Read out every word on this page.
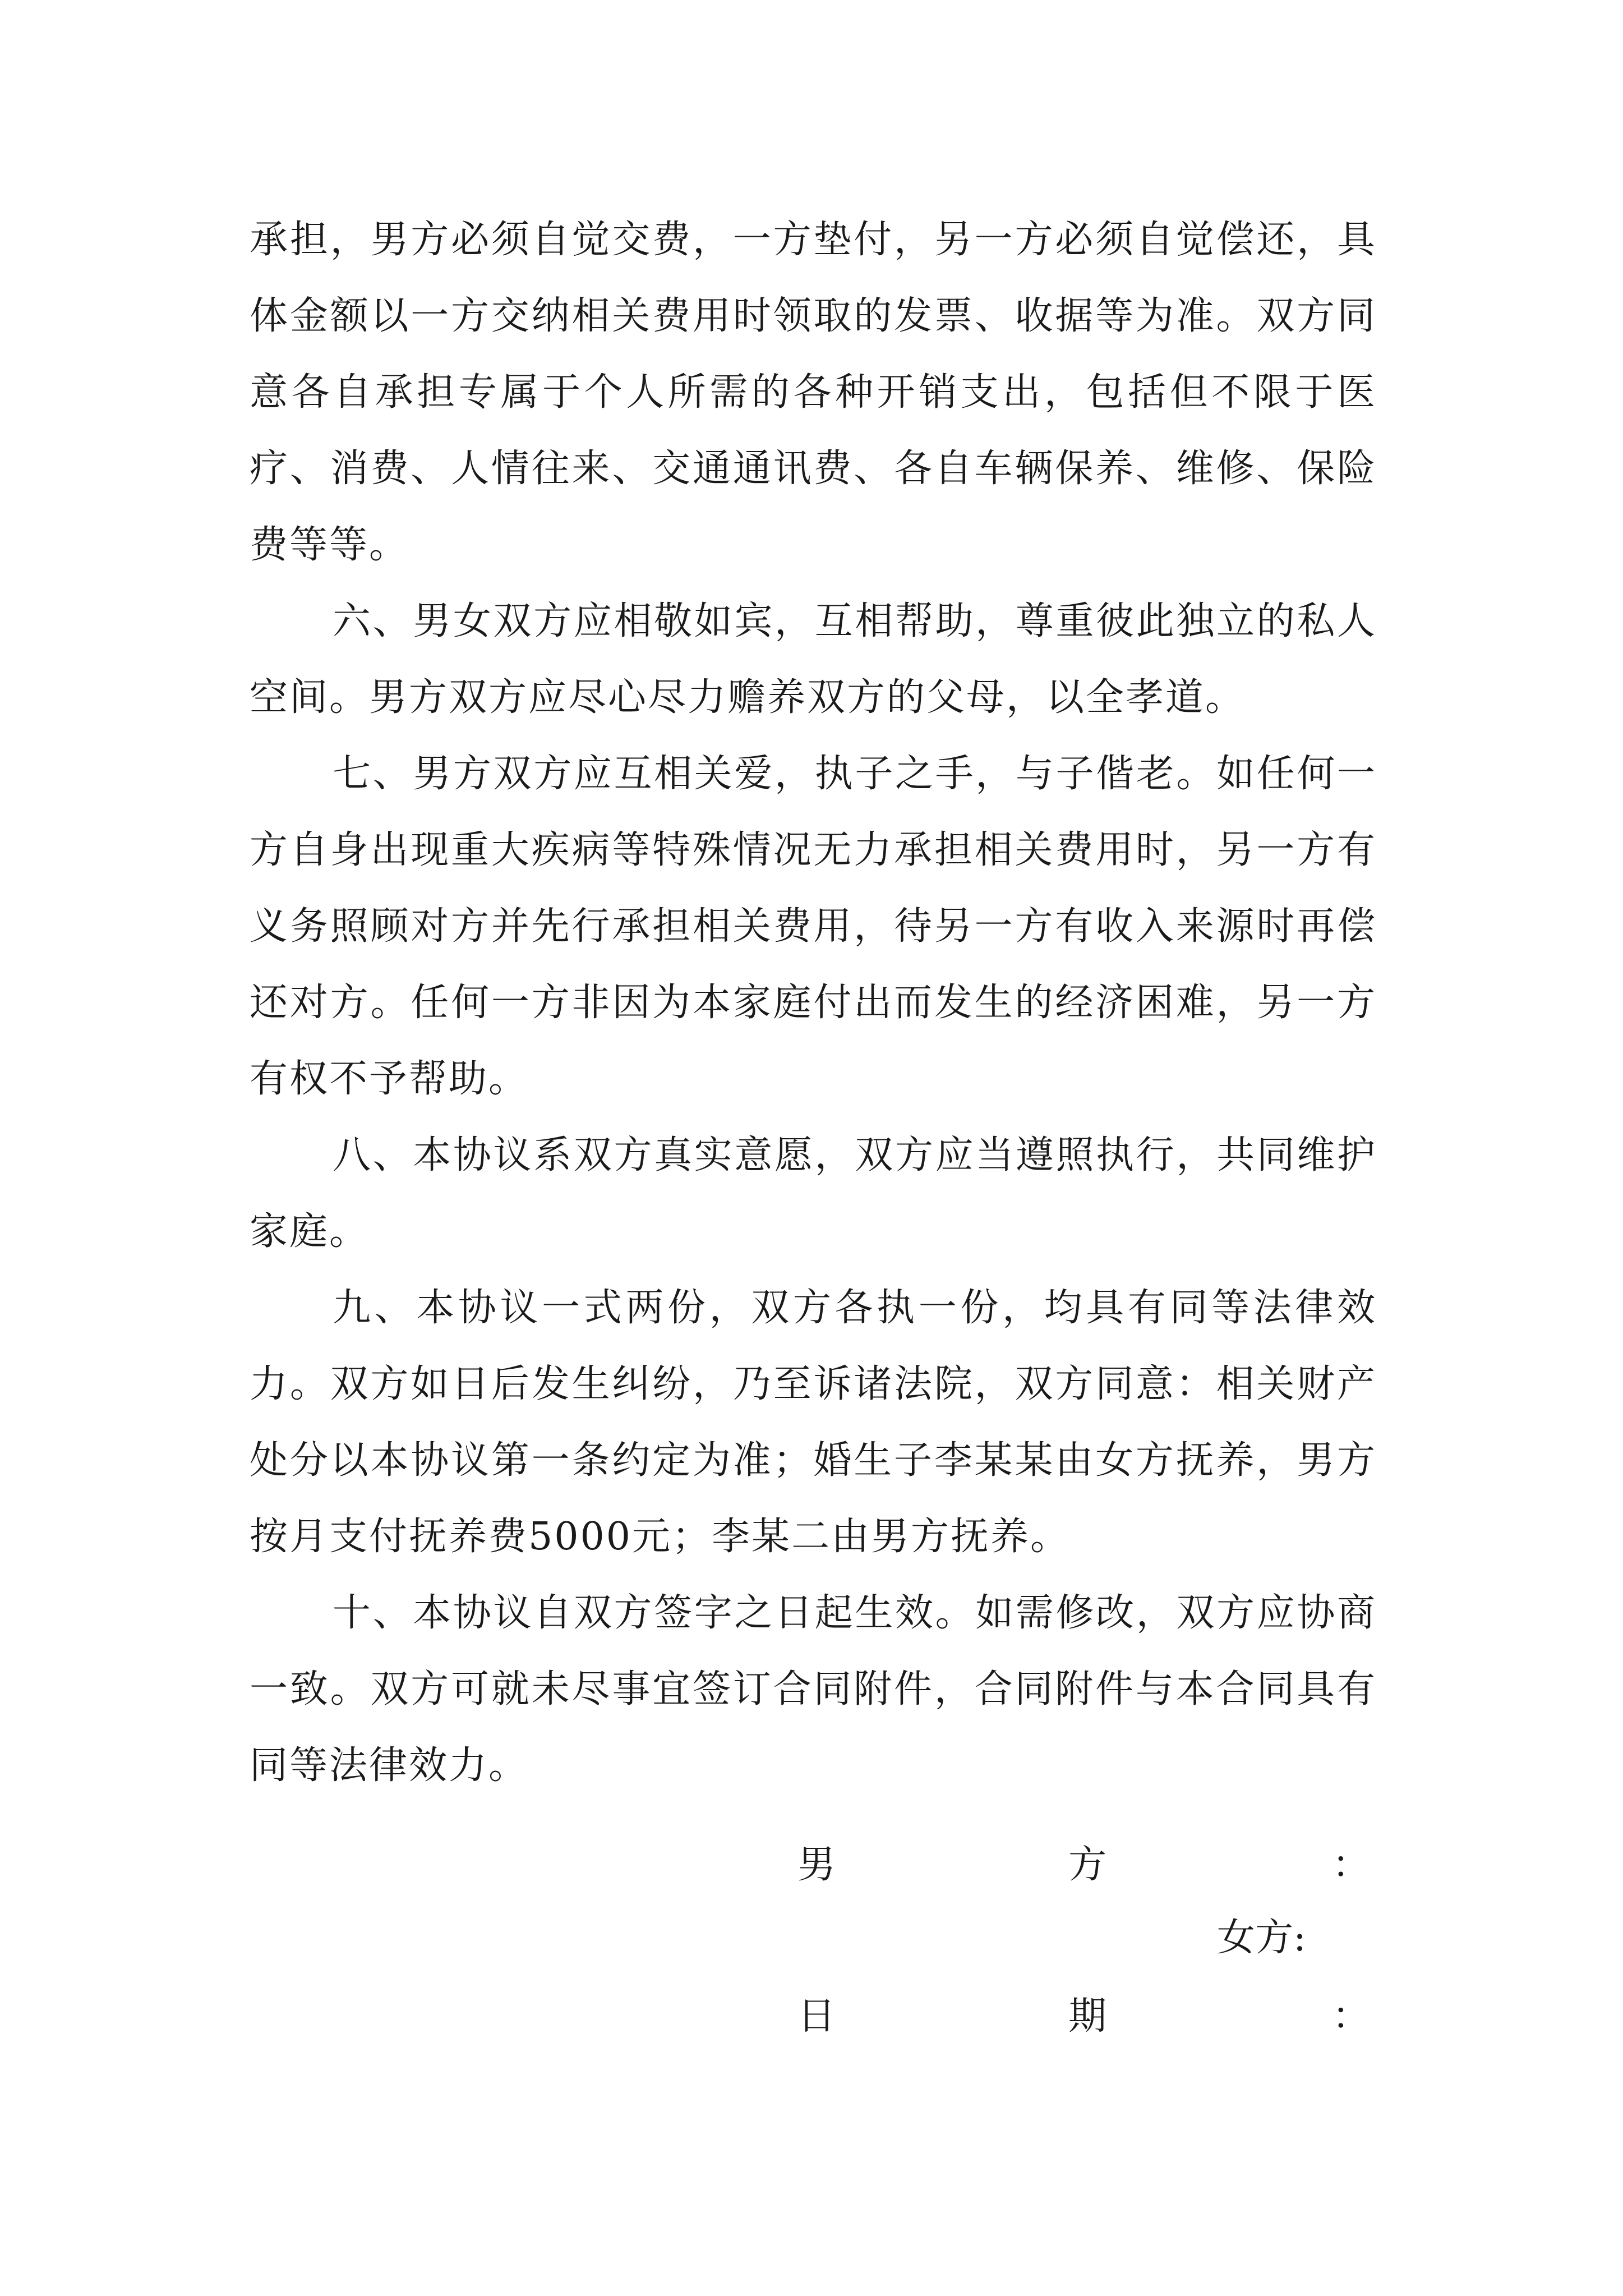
承担，男方必须自觉交费，一方垫付，另一方必须自觉偿还，具体金额以一方交纳相关费用时领取的发票、收据等为准。双方同意各自承担专属于个人所需的各种开销支出，包括但不限于医疗、消费、人情往来、交通通讯费、各自车辆保养、维修、保险费等等。

六、男女双方应相敬如宾，互相帮助，尊重彼此独立的私人空间。男方双方应尽心尽力赡养双方的父母，以全孝道。

七、男方双方应互相关爱，执子之手，与子偕老。如任何一方自身出现重大疾病等特殊情况无力承担相关费用时，另一方有义务照顾对方并先行承担相关费用，待另一方有收入来源时再偿还对方。任何一方非因为本家庭付出而发生的经济困难，另一方有权不予帮助。

八、本协议系双方真实意愿，双方应当遵照执行，共同维护家庭。

九、本协议一式两份，双方各执一份，均具有同等法律效力。双方如日后发生纠纷，乃至诉诸法院，双方同意：相关财产处分以本协议第一条约定为准；婚生子李某某由女方抚养，男方按月支付抚养费5000元；李某二由男方抚养。

十、本协议自双方签字之日起生效。如需修改，双方应协商一致。双方可就未尽事宜签订合同附件，合同附件与本合同具有同等法律效力。

男	方	：
女方:
日	期	：
